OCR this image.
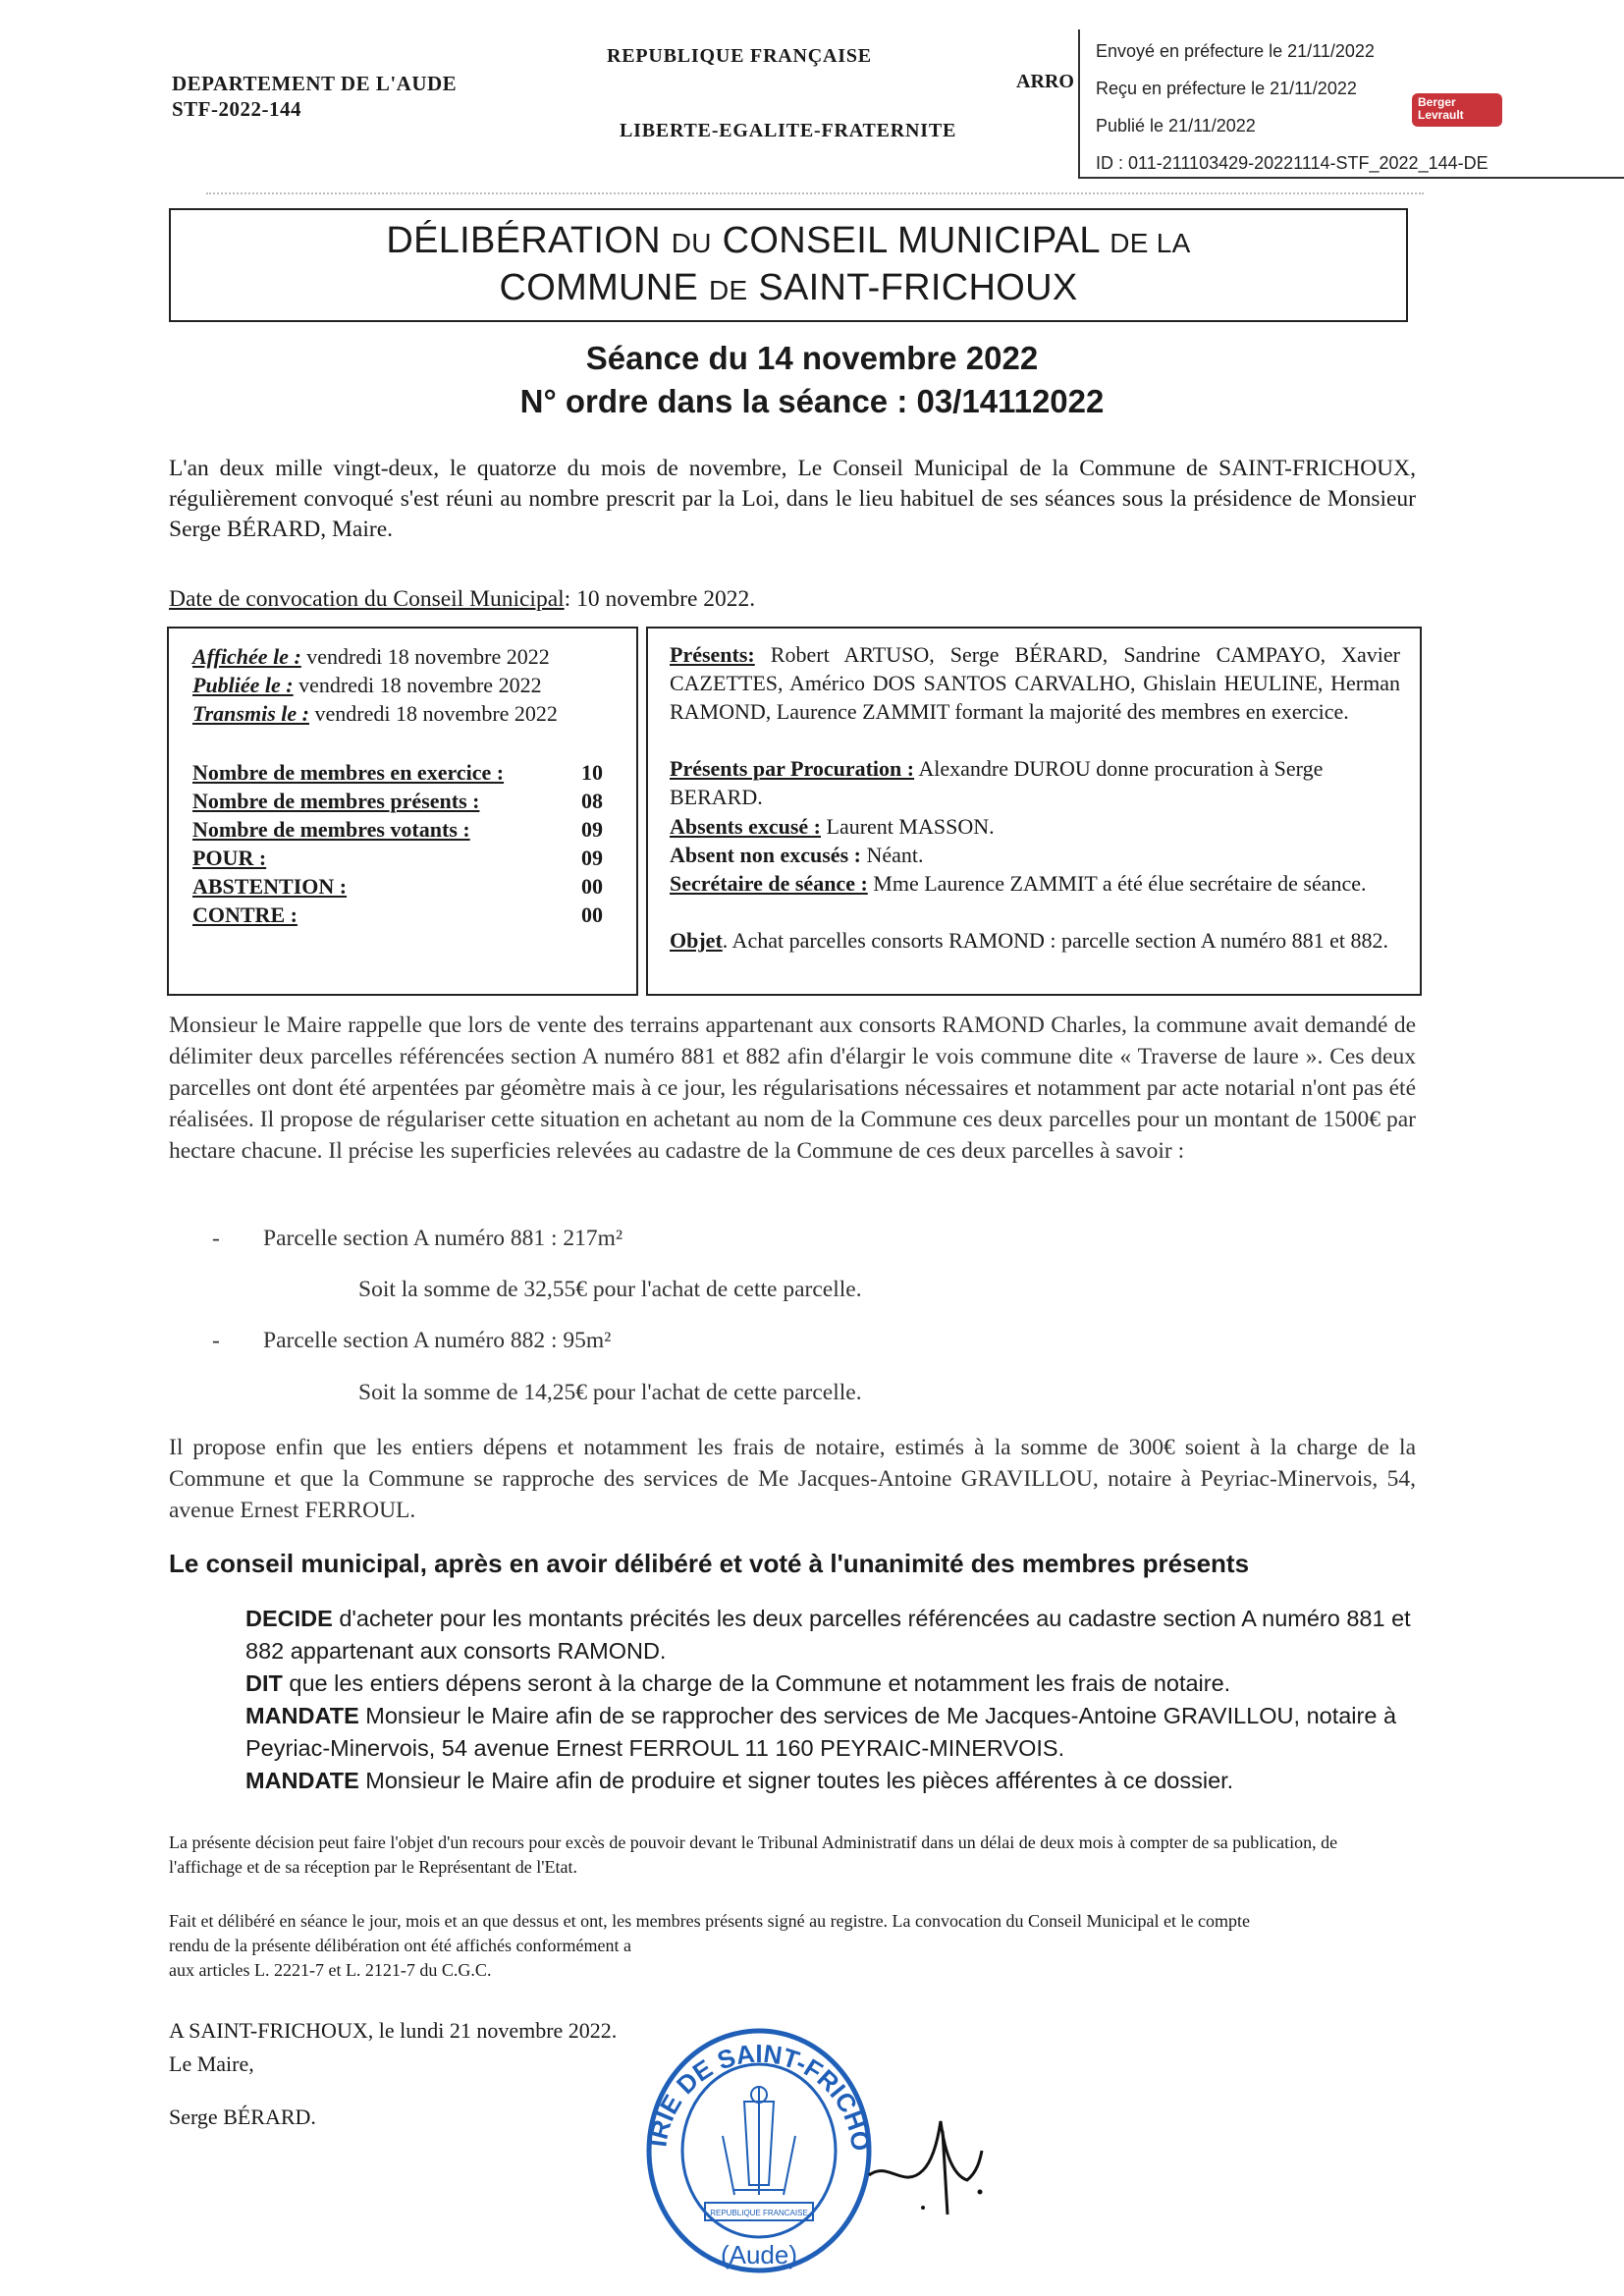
DEPARTEMENT DE L'AUDE
STF-2022-144
REPUBLIQUE FRANÇAISE
LIBERTE-EGALITE-FRATERNITE
ARRO
Envoyé en préfecture le 21/11/2022
Reçu en préfecture le 21/11/2022
Publié le 21/11/2022
ID : 011-211103429-20221114-STF_2022_144-DE
Berger
Levrault
DÉLIBÉRATION DU CONSEIL MUNICIPAL DE LA
COMMUNE DE SAINT-FRICHOUX
Séance du 14 novembre 2022
N° ordre dans la séance : 03/14112022
L'an deux mille vingt-deux, le quatorze du mois de novembre, Le Conseil Municipal de la Commune de SAINT-FRICHOUX, régulièrement convoqué s'est réuni au nombre prescrit par la Loi, dans le lieu habituel de ses séances sous la présidence de Monsieur Serge BÉRARD, Maire.
Date de convocation du Conseil Municipal: 10 novembre 2022.
Affichée le : vendredi 18 novembre 2022
Publiée le : vendredi 18 novembre 2022
Transmis le : vendredi 18 novembre 2022
Nombre de membres en exercice :	10
Nombre de membres présents :	08
Nombre de membres votants :	09
POUR :	09
ABSTENTION :	00
CONTRE :	00
Présents: Robert ARTUSO, Serge BÉRARD, Sandrine CAMPAYO, Xavier CAZETTES, Américo DOS SANTOS CARVALHO, Ghislain HEULINE, Herman RAMOND, Laurence ZAMMIT formant la majorité des membres en exercice.
Présents par Procuration : Alexandre DUROU donne procuration à Serge BERARD.
Absents excusé : Laurent MASSON.
Absent non excusés : Néant.
Secrétaire de séance : Mme Laurence ZAMMIT a été élue secrétaire de séance.
Objet. Achat parcelles consorts RAMOND : parcelle section A numéro 881 et 882.
Monsieur le Maire rappelle que lors de vente des terrains appartenant aux consorts RAMOND Charles, la commune avait demandé de délimiter deux parcelles référencées section A numéro 881 et 882 afin d'élargir le vois commune dite « Traverse de laure ». Ces deux parcelles ont dont été arpentées par géomètre mais à ce jour, les régularisations nécessaires et notamment par acte notarial n'ont pas été réalisées. Il propose de régulariser cette situation en achetant au nom de la Commune ces deux parcelles pour un montant de 1500€ par hectare chacune. Il précise les superficies relevées au cadastre de la Commune de ces deux parcelles à savoir :
- Parcelle section A numéro 881 : 217m²
Soit la somme de 32,55€ pour l'achat de cette parcelle.
- Parcelle section A numéro 882 : 95m²
Soit la somme de 14,25€ pour l'achat de cette parcelle.
Il propose enfin que les entiers dépens et notamment les frais de notaire, estimés à la somme de 300€ soient à la charge de la Commune et que la Commune se rapproche des services de Me Jacques-Antoine GRAVILLOU, notaire à Peyriac-Minervois, 54, avenue Ernest FERROUL.
Le conseil municipal, après en avoir délibéré et voté à l'unanimité des membres présents
DECIDE d'acheter pour les montants précités les deux parcelles référencées au cadastre section A numéro 881 et 882 appartenant aux consorts RAMOND.
DIT que les entiers dépens seront à la charge de la Commune et notamment les frais de notaire.
MANDATE Monsieur le Maire afin de se rapprocher des services de Me Jacques-Antoine GRAVILLOU, notaire à Peyriac-Minervois, 54 avenue Ernest FERROUL 11 160 PEYRAIC-MINERVOIS.
MANDATE Monsieur le Maire afin de produire et signer toutes les pièces afférentes à ce dossier.
La présente décision peut faire l'objet d'un recours pour excès de pouvoir devant le Tribunal Administratif dans un délai de deux mois à compter de sa publication, de l'affichage et de sa réception par le Représentant de l'Etat.
Fait et délibéré en séance le jour, mois et an que dessus et ont, les membres présents signé au registre. La convocation du Conseil Municipal et le compte
rendu de la présente délibération ont été affichés conformément a
aux articles L. 2221-7 et L. 2121-7 du C.G.C.
A SAINT-FRICHOUX, le lundi 21 novembre 2022.
Le Maire,
Serge BÉRARD.
IRIE DE SAINT-FRICHO
REPUBLIQUE FRANCAISE
(Aude)
